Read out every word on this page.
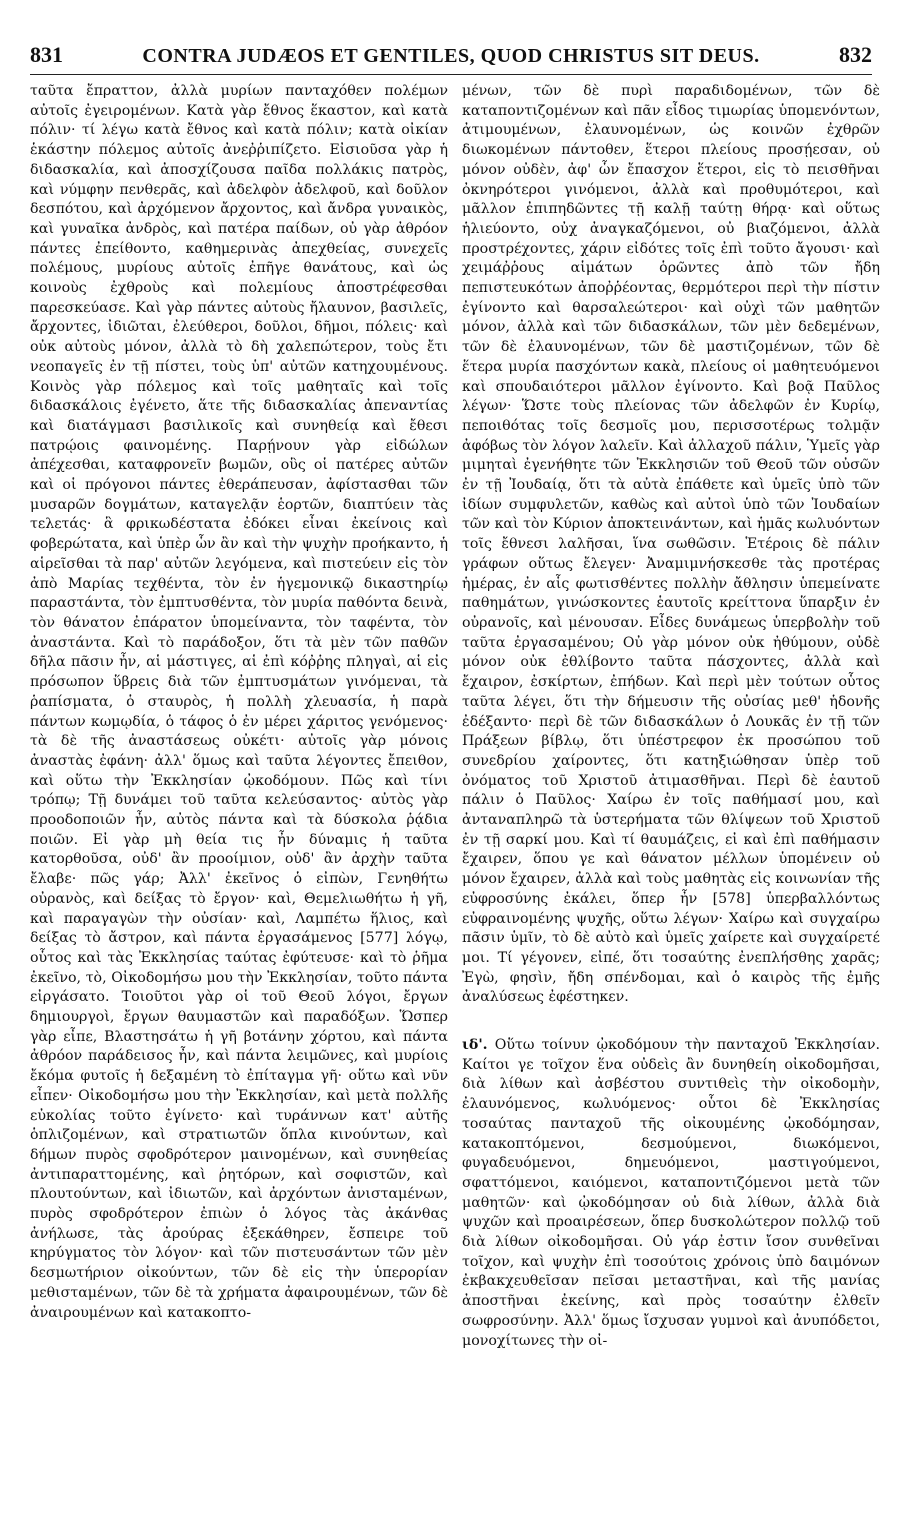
831	CONTRA JUDÆOS ET GENTILES, QUOD CHRISTUS SIT DEUS.	832

ταῦτα ἔπραττον, ἀλλὰ μυρίων πανταχόθεν πολέμων αὐτοῖς ἐγειρομένων. Κατὰ γὰρ ἔθνος ἕκαστον, καὶ κατὰ πόλιν· τί λέγω κατὰ ἔθνος καὶ κατὰ πόλιν; κατὰ οἰκίαν ἑκάστην πόλεμος αὐτοῖς ἀνεῤῥιπίζετο. Εἰσιοῦσα γὰρ ἡ διδασκαλία, καὶ ἀποσχίζουσα παῖδα πολλάκις πατρὸς, καὶ νύμφην πενθερᾶς, καὶ ἀδελφὸν ἀδελφοῦ, καὶ δοῦλον δεσπότου, καὶ ἀρχόμενον ἄρχοντος, καὶ ἄνδρα γυναικὸς, καὶ γυναῖκα ἀνδρὸς, καὶ πατέρα παίδων, οὐ γὰρ ἀθρόον πάντες ἐπείθοντο, καθημερινὰς ἀπεχθείας, συνεχεῖς πολέμους, μυρίους αὐτοῖς ἐπῆγε θανάτους, καὶ ὡς κοινοὺς ἐχθροὺς καὶ πολεμίους ἀποστρέφεσθαι παρεσκεύασε. Καὶ γὰρ πάντες αὐτοὺς ἤλαυνον, βασιλεῖς, ἄρχοντες, ἰδιῶται, ἐλεύθεροι, δοῦλοι, δῆμοι, πόλεις· καὶ οὐκ αὐτοὺς μόνον, ἀλλὰ τὸ δὴ χαλεπώτερον, τοὺς ἔτι νεοπαγεῖς ἐν τῇ πίστει, τοὺς ὑπ' αὐτῶν κατηχουμένους. Κοινὸς γὰρ πόλεμος καὶ τοῖς μαθηταῖς καὶ τοῖς διδασκάλοις ἐγένετο, ἅτε τῆς διδασκαλίας ἀπεναντίας καὶ διατάγμασι βασιλικοῖς καὶ συνηθείᾳ καὶ ἔθεσι πατρῴοις φαινομένης. Παρῄνουν γὰρ εἰδώλων ἀπέχεσθαι, καταφρονεῖν βωμῶν, οὓς οἱ πατέρες αὐτῶν καὶ οἱ πρόγονοι πάντες ἐθεράπευσαν, ἀφίστασθαι τῶν μυσαρῶν δογμάτων, καταγελᾷν ἑορτῶν, διαπτύειν τὰς τελετάς· ἃ φρικωδέστατα ἐδόκει εἶναι ἐκείνοις καὶ φοβερώτατα, καὶ ὑπὲρ ὧν ἂν καὶ τὴν ψυχὴν προήκαντο, ἡ αἱρεῖσθαι τὰ παρ' αὐτῶν λεγόμενα, καὶ πιστεύειν εἰς τὸν ἀπὸ Μαρίας τεχθέντα, τὸν ἐν ἡγεμονικῷ δικαστηρίῳ παραστάντα, τὸν ἐμπτυσθέντα, τὸν μυρία παθόντα δεινὰ, τὸν θάνατον ἐπάρατον ὑπομείναντα, τὸν ταφέντα, τὸν ἀναστάντα. Καὶ τὸ παράδοξον, ὅτι τὰ μὲν τῶν παθῶν δῆλα πᾶσιν ἦν, αἱ μάστιγες, αἱ ἐπὶ κόῤῥης πληγαὶ, αἱ εἰς πρόσωπον ὕβρεις διὰ τῶν ἐμπτυσμάτων γινόμεναι, τὰ ῥαπίσματα, ὁ σταυρὸς, ἡ πολλὴ χλευασία, ἡ παρὰ πάντων κωμῳδία, ὁ τάφος ὁ ἐν μέρει χάριτος γενόμενος· τὰ δὲ τῆς ἀναστάσεως οὐκέτι· αὐτοῖς γὰρ μόνοις ἀναστὰς ἐφάνη· ἀλλ' ὅμως καὶ ταῦτα λέγοντες ἔπειθον, καὶ οὕτω τὴν Ἐκκλησίαν ᾠκοδόμουν. Πῶς καὶ τίνι τρόπῳ; Τῇ δυνάμει τοῦ ταῦτα κελεύσαντος· αὐτὸς γὰρ προοδοποιῶν ἦν, αὐτὸς πάντα καὶ τὰ δύσκολα ῥᾴδια ποιῶν. Εἰ γὰρ μὴ θεία τις ἦν δύναμις ἡ ταῦτα κατορθοῦσα, οὐδ' ἂν προοίμιον, οὐδ' ἂν ἀρχὴν ταῦτα ἔλαβε· πῶς γάρ; Ἀλλ' ἐκεῖνος ὁ εἰπὼν, Γενηθήτω οὐρανὸς, καὶ δείξας τὸ ἔργον· καὶ, Θεμελιωθήτω ἡ γῆ, καὶ παραγαγὼν τὴν οὐσίαν· καὶ, Λαμπέτω ἥλιος, καὶ δείξας τὸ ἄστρον, καὶ πάντα ἐργασάμενος [577] λόγῳ, οὗτος καὶ τὰς Ἐκκλησίας ταύτας ἐφύτευσε· καὶ τὸ ῥῆμα ἐκεῖνο, τὸ, Οἰκοδομήσω μου τὴν Ἐκκλησίαν, τοῦτο πάντα εἰργάσατο. Τοιοῦτοι γὰρ οἱ τοῦ Θεοῦ λόγοι, ἔργων δημιουργοὶ, ἔργων θαυμαστῶν καὶ παραδόξων. Ὥσπερ γὰρ εἶπε, Βλαστησάτω ἡ γῆ βοτάνην χόρτου, καὶ πάντα ἀθρόον παράδεισος ἦν, καὶ πάντα λειμῶνες, καὶ μυρίοις ἔκόμα φυτοῖς ἡ δεξαμένη τὸ ἐπίταγμα γῆ· οὕτω καὶ νῦν εἶπεν· Οἰκοδομήσω μου τὴν Ἐκκλησίαν, καὶ μετὰ πολλῆς εὐκολίας τοῦτο ἐγίνετο· καὶ τυράννων κατ' αὐτῆς ὁπλιζομένων, καὶ στρατιωτῶν ὅπλα κινούντων, καὶ δήμων πυρὸς σφοδρότερον μαινομένων, καὶ συνηθείας ἀντιπαραττομένης, καὶ ῥητόρων, καὶ σοφιστῶν, καὶ πλουτούντων, καὶ ἰδιωτῶν, καὶ ἀρχόντων ἀνισταμένων, πυρὸς σφοδρότερον ἐπιὼν ὁ λόγος τὰς ἀκάνθας ἀνήλωσε, τὰς ἀρούρας ἐξεκάθηρεν, ἔσπειρε τοῦ κηρύγματος τὸν λόγον· καὶ τῶν πιστευσάντων τῶν μὲν δεσμωτήριον οἰκούντων, τῶν δὲ εἰς τὴν ὑπερορίαν μεθισταμένων, τῶν δὲ τὰ χρήματα ἀφαιρουμένων, τῶν δὲ ἀναιρουμένων καὶ κατακοπτο-

μένων, τῶν δὲ πυρὶ παραδιδομένων, τῶν δὲ καταποντιζομένων καὶ πᾶν εἶδος τιμωρίας ὑπομενόντων, ἀτιμουμένων, ἐλαυνομένων, ὡς κοινῶν ἐχθρῶν διωκομένων πάντοθεν, ἕτεροι πλείους προσῄεσαν, οὐ μόνον οὐδὲν, ἀφ' ὧν ἔπασχον ἕτεροι, εἰς τὸ πεισθῆναι ὀκνηρότεροι γινόμενοι, ἀλλὰ καὶ προθυμότεροι, καὶ μᾶλλον ἐπιπηδῶντες τῇ καλῇ ταύτῃ θήρᾳ· καὶ οὕτως ἡλιεύοντο, οὐχ ἀναγκαζόμενοι, οὐ βιαζόμενοι, ἀλλὰ προστρέχοντες, χάριν εἰδότες τοῖς ἐπὶ τοῦτο ἄγουσι· καὶ χειμάῤῥους αἱμάτων ὁρῶντες ἀπὸ τῶν ἤδη πεπιστευκότων ἀποῤῥέοντας, θερμότεροι περὶ τὴν πίστιν ἐγίνοντο καὶ θαρσαλεώτεροι· καὶ οὐχὶ τῶν μαθητῶν μόνον, ἀλλὰ καὶ τῶν διδασκάλων, τῶν μὲν δεδεμένων, τῶν δὲ ἐλαυνομένων, τῶν δὲ μαστιζομένων, τῶν δὲ ἕτερα μυρία πασχόντων κακὰ, πλείους οἱ μαθητευόμενοι καὶ σπουδαιότεροι μᾶλλον ἐγίνοντο. Καὶ βοᾷ Παῦλος λέγων· Ὥστε τοὺς πλείονας τῶν ἀδελφῶν ἐν Κυρίῳ, πεποιθότας τοῖς δεσμοῖς μου, περισσοτέρως τολμᾷν ἀφόβως τὸν λόγον λαλεῖν. Καὶ ἀλλαχοῦ πάλιν, Ὑμεῖς γὰρ μιμηταὶ ἐγενήθητε τῶν Ἐκκλησιῶν τοῦ Θεοῦ τῶν οὐσῶν ἐν τῇ Ἰουδαίᾳ, ὅτι τὰ αὐτὰ ἐπάθετε καὶ ὑμεῖς ὑπὸ τῶν ἰδίων συμφυλετῶν, καθὼς καὶ αὐτοὶ ὑπὸ τῶν Ἰουδαίων τῶν καὶ τὸν Κύριον ἀποκτεινάντων, καὶ ἡμᾶς κωλυόντων τοῖς ἔθνεσι λαλῆσαι, ἵνα σωθῶσιν. Ἑτέροις δὲ πάλιν γράφων οὕτως ἔλεγεν· Ἀναμιμνήσκεσθε τὰς προτέρας ἡμέρας, ἐν αἷς φωτισθέντες πολλὴν ἄθλησιν ὑπεμείνατε παθημάτων, γινώσκοντες ἑαυτοῖς κρείττονα ὕπαρξιν ἐν οὐρανοῖς, καὶ μένουσαν. Εἶδες δυνάμεως ὑπερβολὴν τοῦ ταῦτα ἐργασαμένου; Οὐ γὰρ μόνον οὐκ ἠθύμουν, οὐδὲ μόνον οὐκ ἐθλίβοντο ταῦτα πάσχοντες, ἀλλὰ καὶ ἔχαιρον, ἐσκίρτων, ἐπήδων. Καὶ περὶ μὲν τούτων οὗτος ταῦτα λέγει, ὅτι τὴν δήμευσιν τῆς οὐσίας μεθ' ἡδονῆς ἐδέξαντο· περὶ δὲ τῶν διδασκάλων ὁ Λουκᾶς ἐν τῇ τῶν Πράξεων βίβλῳ, ὅτι ὑπέστρεφον ἐκ προσώπου τοῦ συνεδρίου χαίροντες, ὅτι κατηξιώθησαν ὑπὲρ τοῦ ὀνόματος τοῦ Χριστοῦ ἀτιμασθῆναι. Περὶ δὲ ἑαυτοῦ πάλιν ὁ Παῦλος· Χαίρω ἐν τοῖς παθήμασί μου, καὶ ἀνταναπληρῶ τὰ ὑστερήματα τῶν θλίψεων τοῦ Χριστοῦ ἐν τῇ σαρκί μου. Καὶ τί θαυμάζεις, εἰ καὶ ἐπὶ παθήμασιν ἔχαιρεν, ὅπου γε καὶ θάνατον μέλλων ὑπομένειν οὐ μόνον ἔχαιρεν, ἀλλὰ καὶ τοὺς μαθητὰς εἰς κοινωνίαν τῆς εὐφροσύνης ἐκάλει, ὅπερ ἦν [578] ὑπερβαλλόντως εὐφραινομένης ψυχῆς, οὕτω λέγων· Χαίρω καὶ συγχαίρω πᾶσιν ὑμῖν, τὸ δὲ αὐτὸ καὶ ὑμεῖς χαίρετε καὶ συγχαίρετέ μοι. Τί γέγονεν, εἰπέ, ὅτι τοσαύτης ἐνεπλήσθης χαρᾶς; Ἐγὼ, φησὶν, ἤδη σπένδομαι, καὶ ὁ καιρὸς τῆς ἐμῆς ἀναλύσεως ἐφέστηκεν.

ιδ'. Οὕτω τοίνυν ᾠκοδόμουν τὴν πανταχοῦ Ἐκκλησίαν. Καίτοι γε τοῖχον ἕνα οὐδεὶς ἂν δυνηθείη οἰκοδομῆσαι, διὰ λίθων καὶ ἀσβέστου συντιθεὶς τὴν οἰκοδομὴν, ἐλαυνόμενος, κωλυόμενος· οὗτοι δὲ Ἐκκλησίας τοσαύτας πανταχοῦ τῆς οἰκουμένης ᾠκοδόμησαν, κατακοπτόμενοι, δεσμούμενοι, διωκόμενοι, φυγαδευόμενοι, δημευόμενοι, μαστιγούμενοι, σφαττόμενοι, καιόμενοι, καταποντιζόμενοι μετὰ τῶν μαθητῶν· καὶ ᾠκοδόμησαν οὐ διὰ λίθων, ἀλλὰ διὰ ψυχῶν καὶ προαιρέσεων, ὅπερ δυσκολώτερον πολλῷ τοῦ διὰ λίθων οἰκοδομῆσαι. Οὐ γάρ ἐστιν ἴσον συνθεῖναι τοῖχον, καὶ ψυχὴν ἐπὶ τοσούτοις χρόνοις ὑπὸ δαιμόνων ἐκβακχευθεῖσαν πεῖσαι μεταστῆναι, καὶ τῆς μανίας ἀποστῆναι ἐκείνης, καὶ πρὸς τοσαύτην ἐλθεῖν σωφροσύνην. Ἀλλ' ὅμως ἴσχυσαν γυμνοὶ καὶ ἀνυπόδετοι, μονοχίτωνες τὴν οἰ-
